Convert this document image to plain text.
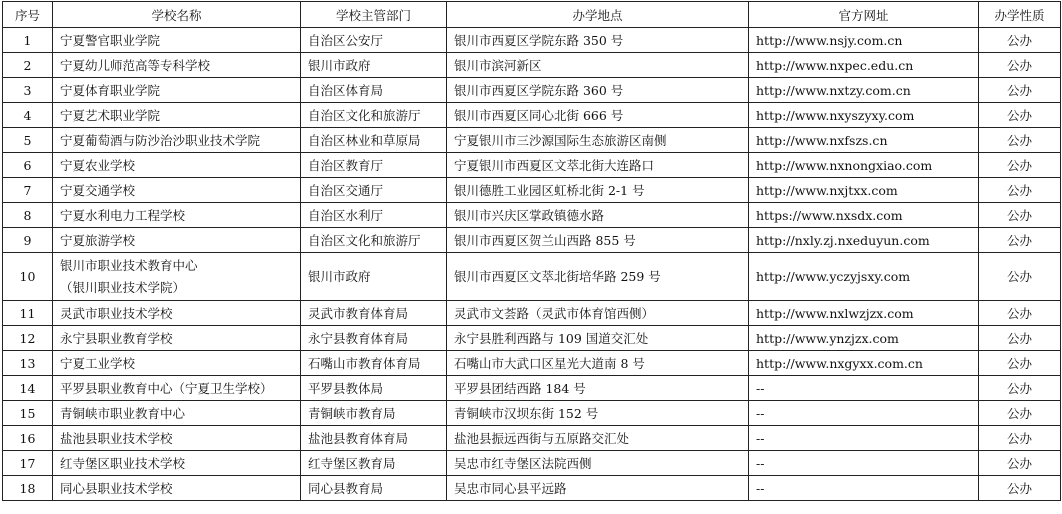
序号	学校名称	学校主管部门	办学地点	官方网址	办学性质
1	宁夏警官职业学院	自治区公安厅	银川市西夏区学院东路 350 号	http://www.nsjy.com.cn	公办
2	宁夏幼儿师范高等专科学校	银川市政府	银川市滨河新区	http://www.nxpec.edu.cn	公办
3	宁夏体育职业学院	自治区体育局	银川市西夏区学院东路 360 号	http://www.nxtzy.com.cn	公办
4	宁夏艺术职业学院	自治区文化和旅游厅	银川市西夏区同心北街 666 号	http://www.nxyszyxy.com	公办
5	宁夏葡萄酒与防沙治沙职业技术学院	自治区林业和草原局	宁夏银川市三沙源国际生态旅游区南侧	http://www.nxfszs.cn	公办
6	宁夏农业学校	自治区教育厅	宁夏银川市西夏区文萃北街大连路口	http://www.nxnongxiao.com	公办
7	宁夏交通学校	自治区交通厅	银川德胜工业园区虹桥北街 2-1 号	http://www.nxjtxx.com	公办
8	宁夏水利电力工程学校	自治区水利厅	银川市兴庆区掌政镇德水路	https://www.nxsdx.com	公办
9	宁夏旅游学校	自治区文化和旅游厅	银川市西夏区贺兰山西路 855 号	http://nxly.zj.nxeduyun.com	公办
10	银川市职业技术教育中心
（银川职业技术学院）	银川市政府	银川市西夏区文萃北街培华路 259 号	http://www.yczyjsxy.com	公办
11	灵武市职业技术学校	灵武市教育体育局	灵武市文荟路（灵武市体育馆西侧）	http://www.nxlwzjzx.com	公办
12	永宁县职业教育学校	永宁县教育体育局	永宁县胜利西路与 109 国道交汇处	http://www.ynzjzx.com	公办
13	宁夏工业学校	石嘴山市教育体育局	石嘴山市大武口区星光大道南 8 号	http://www.nxgyxx.com.cn	公办
14	平罗县职业教育中心（宁夏卫生学校）	平罗县教体局	平罗县团结西路 184 号	--	公办
15	青铜峡市职业教育中心	青铜峡市教育局	青铜峡市汉坝东街 152 号	--	公办
16	盐池县职业技术学校	盐池县教育体育局	盐池县振远西街与五原路交汇处	--	公办
17	红寺堡区职业技术学校	红寺堡区教育局	吴忠市红寺堡区法院西侧	--	公办
18	同心县职业技术学校	同心县教育局	吴忠市同心县平远路	--	公办
